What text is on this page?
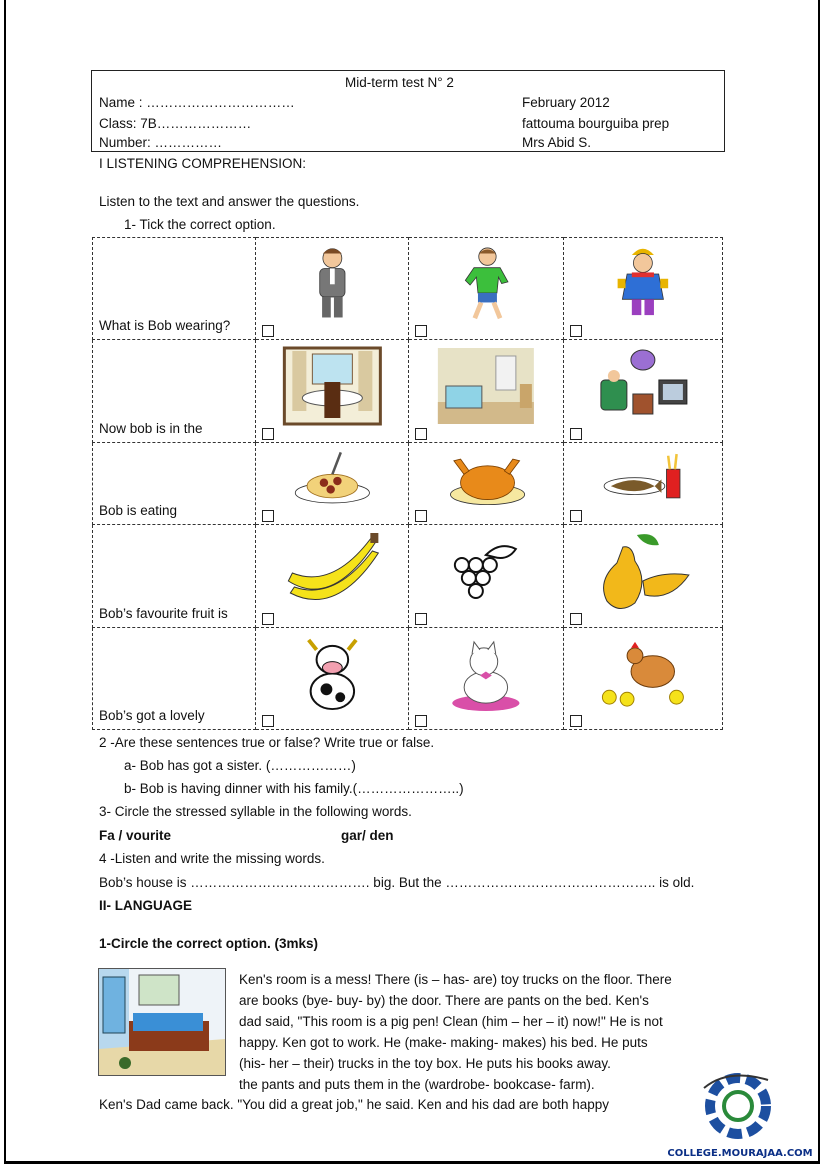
Mid-term test N° 2
Name : ……………………………
Class: 7B…………………
Number: ……………
February 2012
fattouma bourguiba prep
Mrs Abid S.
I LISTENING COMPREHENSION:
Listen to the text and answer the questions.
1- Tick the correct option.
What is Bob wearing?	

Now bob is in the	

Bob is eating	

Bob’s favourite fruit is	

Bob’s got a lovely	

2 -Are these sentences true or false? Write true or false.
a- Bob has got a sister. (………………)
b- Bob is having dinner with his family.(…………………..)
3- Circle the stressed syllable in the following words.
Fa / vourite	gar/ den
4 -Listen and write the missing words.
Bob’s house is …………………………………. big. But the ……………………………………….. is old.
II- LANGUAGE
1-Circle the correct option. (3mks)
Ken's room is a mess! There (is – has- are) toy trucks on the floor. There
are books (bye- buy- by) the door. There are pants on the bed. Ken's
dad said, "This room is a pig pen! Clean (him – her – it) now!" He is not
happy. Ken got to work. He (make- making- makes) his bed. He puts
(his- her – their) trucks in the toy box. He puts his books away.
the pants and puts them in the (wardrobe- bookcase- farm).
Ken's Dad came back. "You did a great job," he said. Ken and his dad are both happy
COLLEGE.MOURAJAA.COM
